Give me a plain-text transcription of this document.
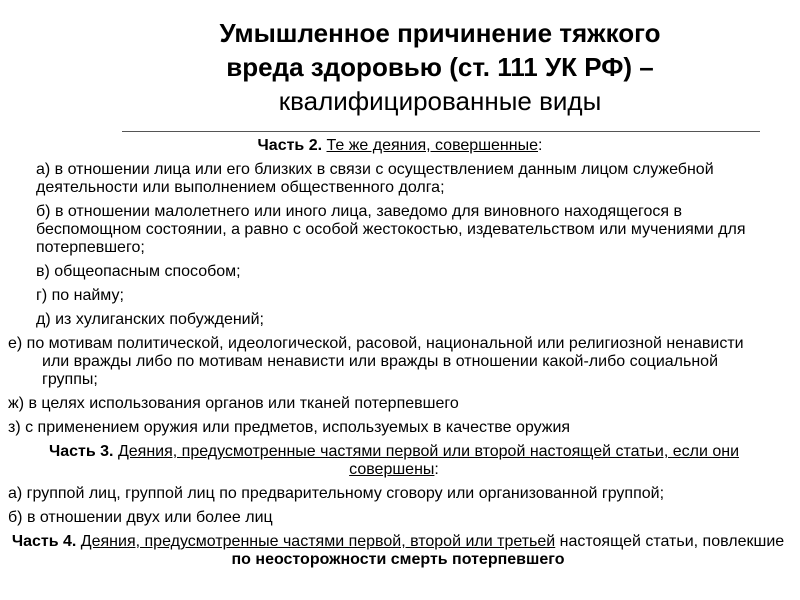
Умышленное причинение тяжкого
вреда здоровью (ст. 111 УК РФ) –
квалифицированные виды

Часть 2. Те же деяния, совершенные:

а) в отношении лица или его близких в связи с осуществлением данным лицом служебной деятельности или выполнением общественного долга;

б) в отношении малолетнего или иного лица, заведомо для виновного находящегося в беспомощном состоянии, а равно с особой жестокостью, издевательством или мучениями для потерпевшего;

в) общеопасным способом;

г) по найму;

д) из хулиганских побуждений;

е) по мотивам политической, идеологической, расовой, национальной или религиозной ненависти или вражды либо по мотивам ненависти или вражды в отношении какой-либо социальной группы;

ж) в целях использования органов или тканей потерпевшего

з) с применением оружия или предметов, используемых в качестве оружия

Часть 3. Деяния, предусмотренные частями первой или второй настоящей статьи, если они совершены:

а) группой лиц, группой лиц по предварительному сговору или организованной группой;

б) в отношении двух или более лиц

Часть 4. Деяния, предусмотренные частями первой, второй или третьей настоящей статьи, повлекшие по неосторожности смерть потерпевшего
